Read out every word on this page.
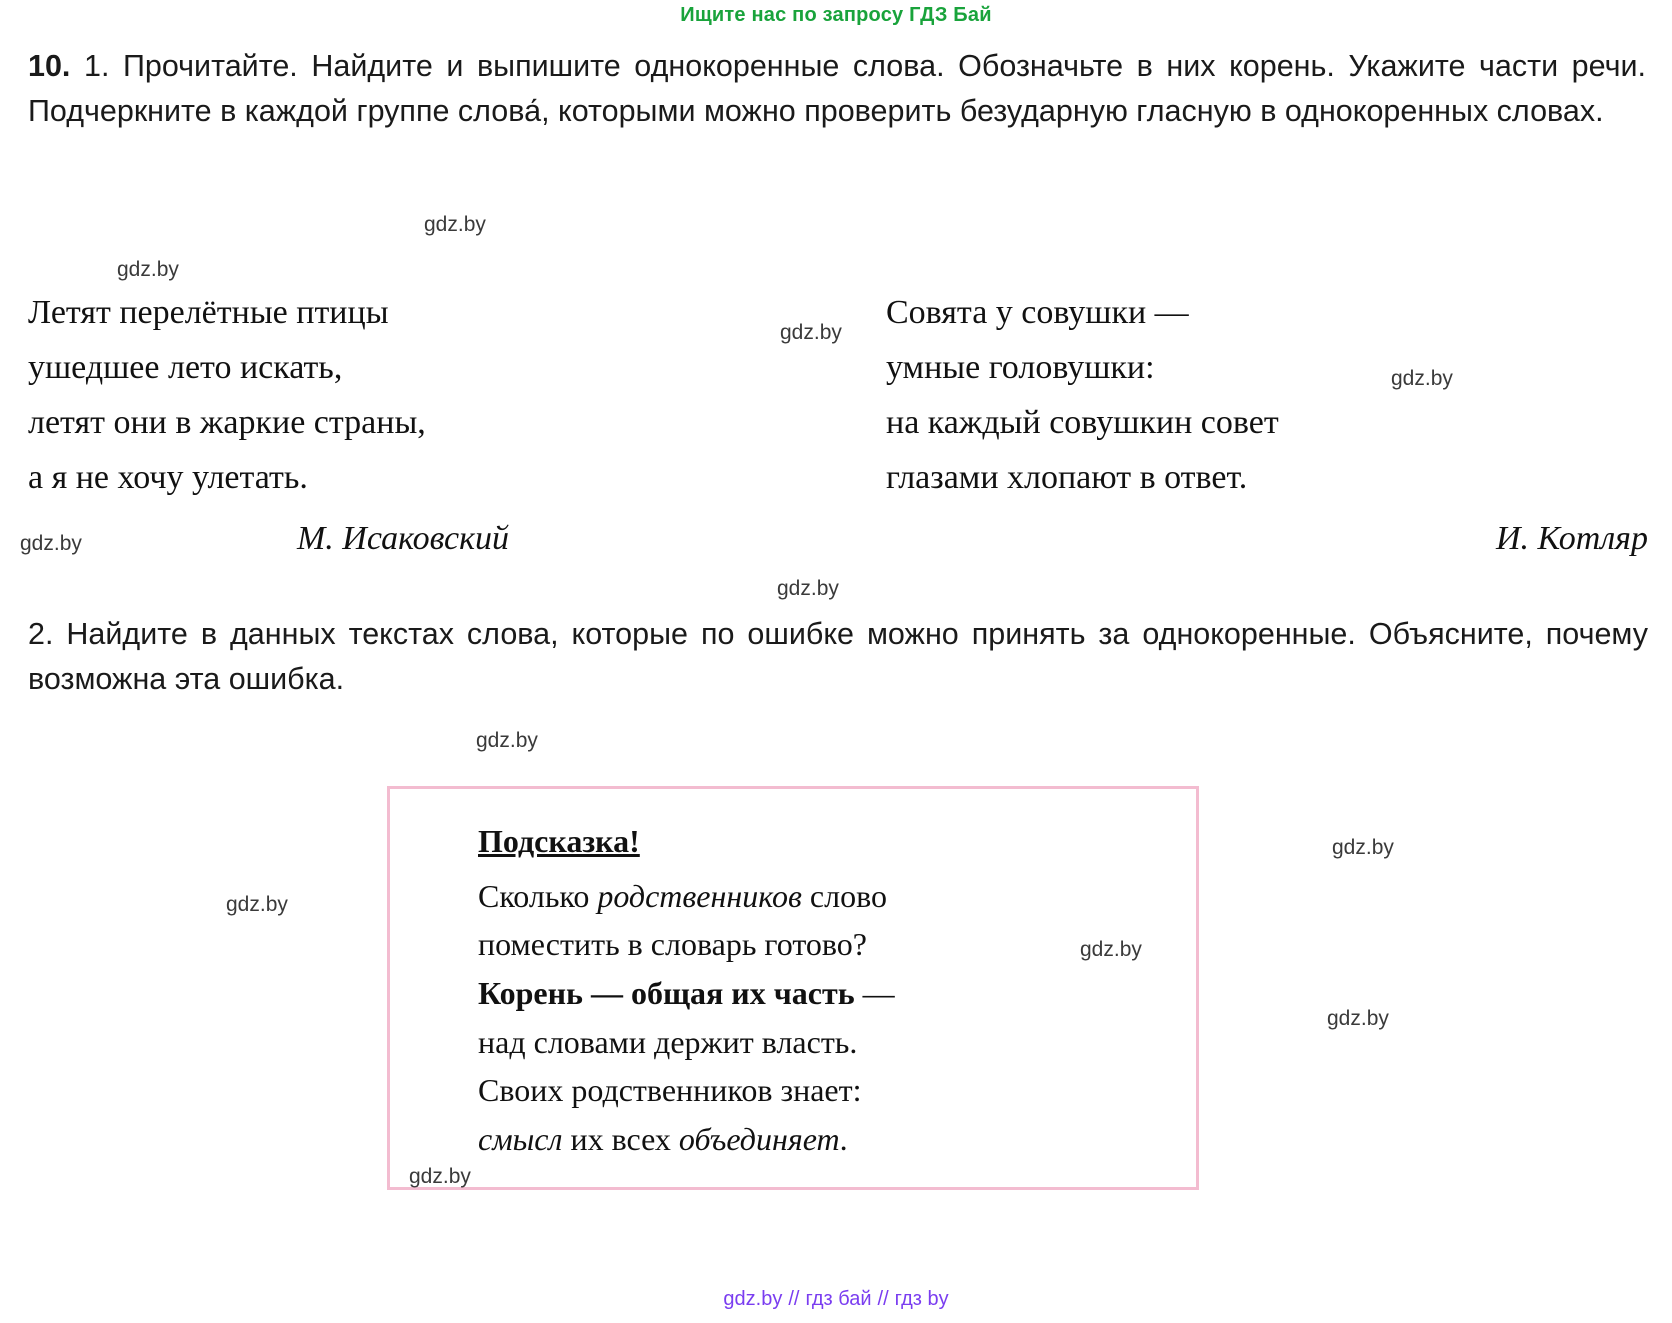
Ищите нас по запросу ГДЗ Бай
10. 1. Прочитайте. Найдите и выпишите однокоренные слова. Обозначьте в них корень. Укажите части речи. Подчеркните в каждой группе слова́, которыми можно проверить безударную гласную в однокоренных словах.
Летят перелётные птицы
ушедшее лето искать,
летят они в жаркие страны,
а я не хочу улетать.
М. Исаковский
Совята у совушки —
умные головушки:
на каждый совушкин совет
глазами хлопают в ответ.
И. Котляр
2. Найдите в данных текстах слова, которые по ошибке можно принять за однокоренные. Объясните, почему возможна эта ошибка.
Подсказка!
Сколько родственников слово
поместить в словарь готово?
Корень — общая их часть —
над словами держит власть.
Своих родственников знает:
смысл их всех объединяет.
gdz.by // гдз бай // гдз by
gdz.by
gdz.by
gdz.by
gdz.by
gdz.by
gdz.by
gdz.by
gdz.by
gdz.by
gdz.by
gdz.by
gdz.by
